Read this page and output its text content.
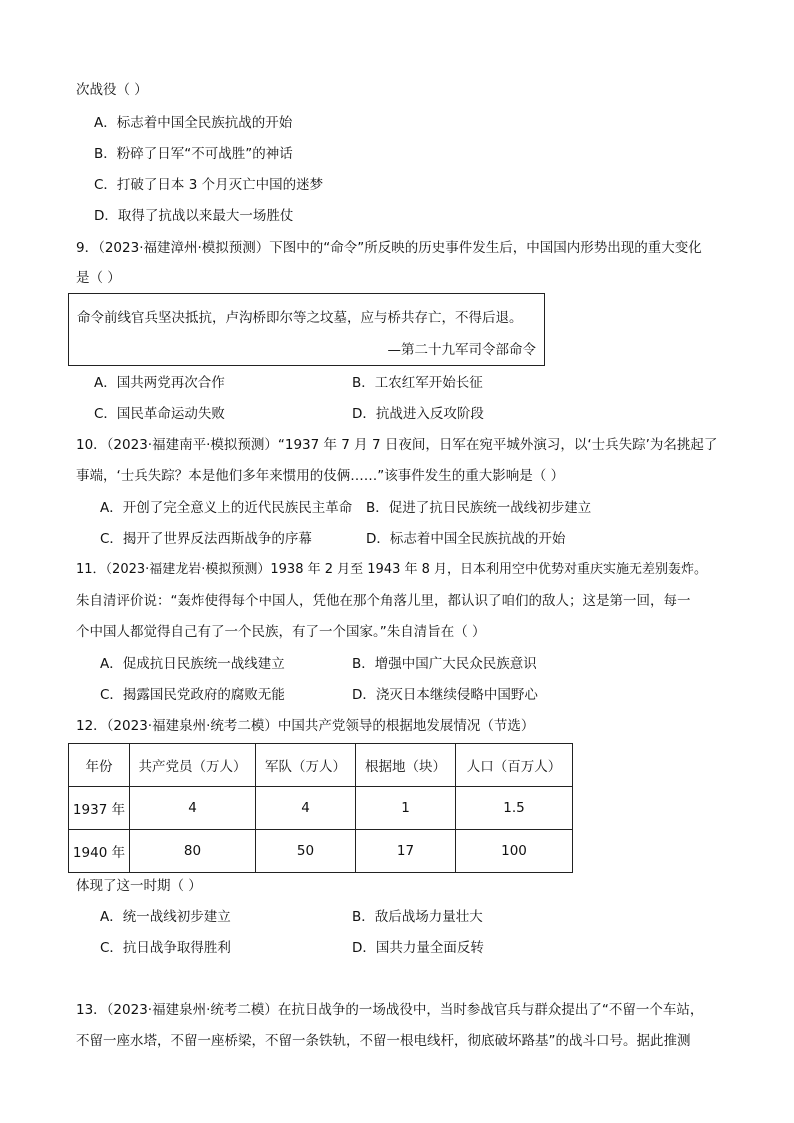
次战役（ ）
A．标志着中国全民族抗战的开始
B．粉碎了日军“不可战胜”的神话
C．打破了日本 3 个月灭亡中国的迷梦
D．取得了抗战以来最大一场胜仗
9．（2023·福建漳州·模拟预测）下图中的“命令”所反映的历史事件发生后，中国国内形势出现的重大变化
是（ ）
命令前线官兵坚决抵抗，卢沟桥即尔等之坟墓，应与桥共存亡，不得后退。
—第二十九军司令部命令
A．国共两党再次合作	B．工农红军开始长征
C．国民革命运动失败	D．抗战进入反攻阶段
10．（2023·福建南平·模拟预测）“1937 年 7 月 7 日夜间，日军在宛平城外演习，以‘士兵失踪’为名挑起了
事端，‘士兵失踪？本是他们多年来惯用的伎俩……”该事件发生的重大影响是（ ）
A．开创了完全意义上的近代民族民主革命 B．促进了抗日民族统一战线初步建立
C．揭开了世界反法西斯战争的序幕	D．标志着中国全民族抗战的开始
11．（2023·福建龙岩·模拟预测）1938 年 2 月至 1943 年 8 月，日本利用空中优势对重庆实施无差别轰炸。
朱自清评价说：“轰炸使得每个中国人，凭他在那个角落儿里，都认识了咱们的敌人；这是第一回，每一
个中国人都觉得自己有了一个民族，有了一个国家。”朱自清旨在（ ）
A．促成抗日民族统一战线建立	B．增强中国广大民众民族意识
C．揭露国民党政府的腐败无能	D．浇灭日本继续侵略中国野心
12．（2023·福建泉州·统考二模）中国共产党领导的根据地发展情况（节选）
年份	共产党员（万人）	军队（万人）	根据地（块）	人口（百万人）
1937 年	4	4	1	1.5
1940 年	80	50	17	100
体现了这一时期（ ）
A．统一战线初步建立	B．敌后战场力量壮大
C．抗日战争取得胜利	D．国共力量全面反转
13．（2023·福建泉州·统考二模）在抗日战争的一场战役中，当时参战官兵与群众提出了“不留一个车站，
不留一座水塔，不留一座桥梁，不留一条铁轨，不留一根电线杆，彻底破坏路基”的战斗口号。据此推测
